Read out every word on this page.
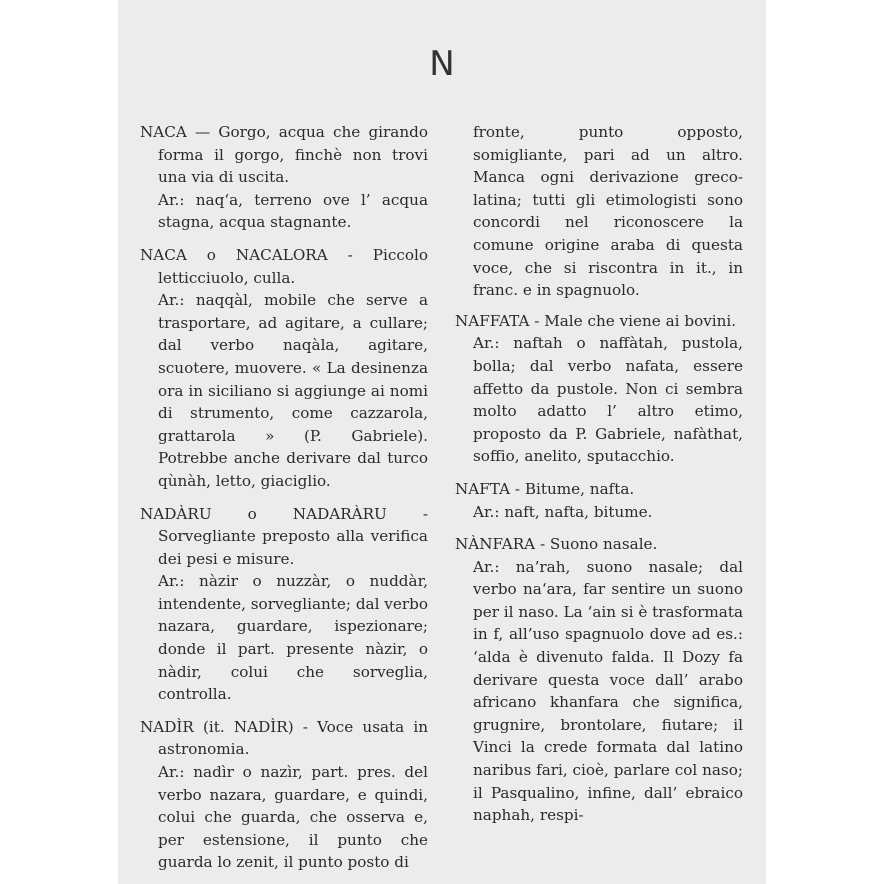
N

NACA — Gorgo, acqua che girando forma il gorgo, finchè non trovi una via di uscita.

Ar.: naq‘a, terreno ove l’ acqua stagna, acqua stagnante.

NACA o NACALORA - Piccolo letticciuolo, culla.

Ar.: naqqàl, mobile che serve a trasportare, ad agitare, a cullare; dal verbo naqàla, agitare, scuotere, muovere. « La desinenza ora in siciliano si aggiunge ai nomi di strumento, come cazzarola, grattarola » (P. Gabriele). Potrebbe anche derivare dal turco qùnàh, letto, giaciglio.

NADÀRU o NADARÀRU - Sorvegliante preposto alla verifica dei pesi e misure.

Ar.: nàzir o nuzzàr, o nuddàr, intendente, sorvegliante; dal verbo nazara, guardare, ispezionare; donde il part. presente nàzir, o nàdir, colui che sorveglia, controlla.

NADÌR (it. NADÌR) - Voce usata in astronomia.

Ar.: nadìr o nazìr, part. pres. del verbo nazara, guardare, e quindi, colui che guarda, che osserva e, per estensione, il punto che guarda lo zenit, il punto posto di

fronte, punto opposto, somigliante, pari ad un altro. Manca ogni derivazione greco-latina; tutti gli etimologisti sono concordi nel riconoscere la comune origine araba di questa voce, che si riscontra in it., in franc. e in spagnuolo.

NAFFATA - Male che viene ai bovini.

Ar.: naftah o naffàtah, pustola, bolla; dal verbo nafata, essere affetto da pustole. Non ci sembra molto adatto l’ altro etimo, proposto da P. Gabriele, nafàthat, soffio, anelito, sputacchio.

NAFTA - Bitume, nafta.

Ar.: naft, nafta, bitume.

NÀNFARA - Suono nasale.

Ar.: na’rah, suono nasale; dal verbo na‘ara, far sentire un suono per il naso. La ‘ain si è trasformata in f, all’uso spagnuolo dove ad es.: ‘alda è divenuto falda. Il Dozy fa derivare questa voce dall’ arabo africano khanfara che significa, grugnire, brontolare, fiutare; il Vinci la crede formata dal latino naribus fari, cioè, parlare col naso; il Pasqualino, infine, dall’ ebraico naphah, respi-
